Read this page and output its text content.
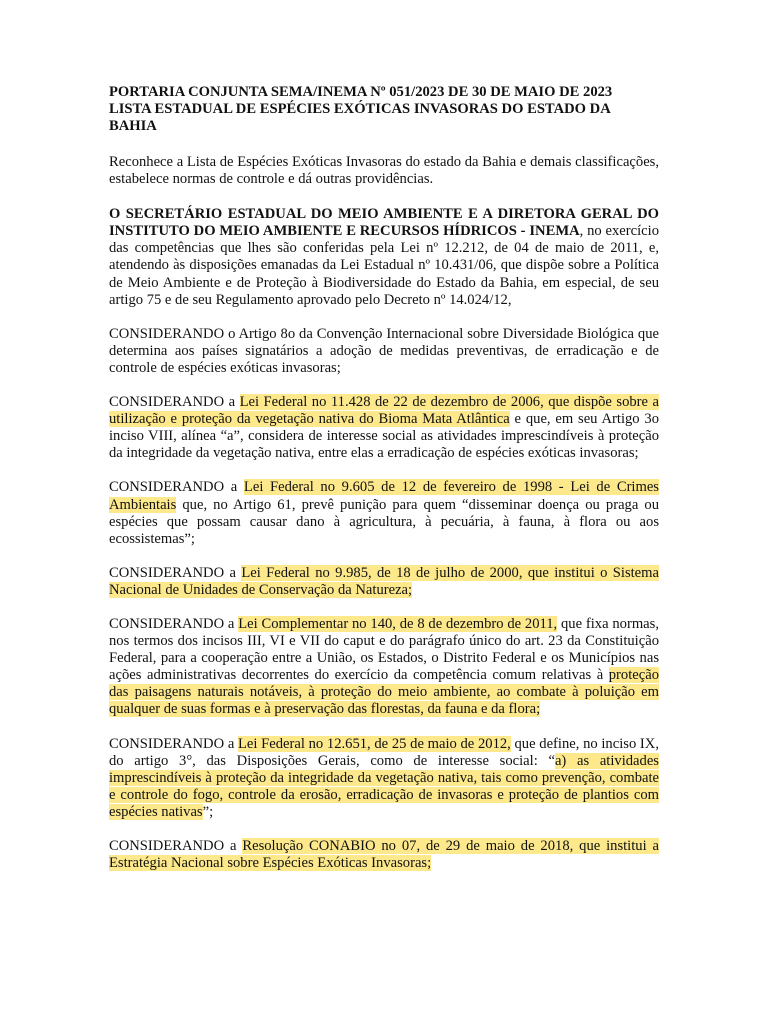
PORTARIA CONJUNTA SEMA/INEMA Nº 051/2023 DE 30 DE MAIO DE 2023
LISTA ESTADUAL DE ESPÉCIES EXÓTICAS INVASORAS DO ESTADO DA BAHIA

Reconhece a Lista de Espécies Exóticas Invasoras do estado da Bahia e demais classificações, estabelece normas de controle e dá outras providências.

O SECRETÁRIO ESTADUAL DO MEIO AMBIENTE E A DIRETORA GERAL DO INSTITUTO DO MEIO AMBIENTE E RECURSOS HÍDRICOS - INEMA, no exercício das competências que lhes são conferidas pela Lei nº 12.212, de 04 de maio de 2011, e, atendendo às disposições emanadas da Lei Estadual nº 10.431/06, que dispõe sobre a Política de Meio Ambiente e de Proteção à Biodiversidade do Estado da Bahia, em especial, de seu artigo 75 e de seu Regulamento aprovado pelo Decreto nº 14.024/12,

CONSIDERANDO o Artigo 8o da Convenção Internacional sobre Diversidade Biológica que determina aos países signatários a adoção de medidas preventivas, de erradicação e de controle de espécies exóticas invasoras;

CONSIDERANDO a Lei Federal no 11.428 de 22 de dezembro de 2006, que dispõe sobre a utilização e proteção da vegetação nativa do Bioma Mata Atlântica e que, em seu Artigo 3o inciso VIII, alínea “a”, considera de interesse social as atividades imprescindíveis à proteção da integridade da vegetação nativa, entre elas a erradicação de espécies exóticas invasoras;

CONSIDERANDO a Lei Federal no 9.605 de 12 de fevereiro de 1998 - Lei de Crimes Ambientais que, no Artigo 61, prevê punição para quem “disseminar doença ou praga ou espécies que possam causar dano à agricultura, à pecuária, à fauna, à flora ou aos ecossistemas”;

CONSIDERANDO a Lei Federal no 9.985, de 18 de julho de 2000, que institui o Sistema Nacional de Unidades de Conservação da Natureza;

CONSIDERANDO a Lei Complementar no 140, de 8 de dezembro de 2011, que fixa normas, nos termos dos incisos III, VI e VII do caput e do parágrafo único do art. 23 da Constituição Federal, para a cooperação entre a União, os Estados, o Distrito Federal e os Municípios nas ações administrativas decorrentes do exercício da competência comum relativas à proteção das paisagens naturais notáveis, à proteção do meio ambiente, ao combate à poluição em qualquer de suas formas e à preservação das florestas, da fauna e da flora;

CONSIDERANDO a Lei Federal no 12.651, de 25 de maio de 2012, que define, no inciso IX, do artigo 3°, das Disposições Gerais, como de interesse social: “a) as atividades imprescindíveis à proteção da integridade da vegetação nativa, tais como prevenção, combate e controle do fogo, controle da erosão, erradicação de invasoras e proteção de plantios com espécies nativas”;

CONSIDERANDO a Resolução CONABIO no 07, de 29 de maio de 2018, que institui a Estratégia Nacional sobre Espécies Exóticas Invasoras;
